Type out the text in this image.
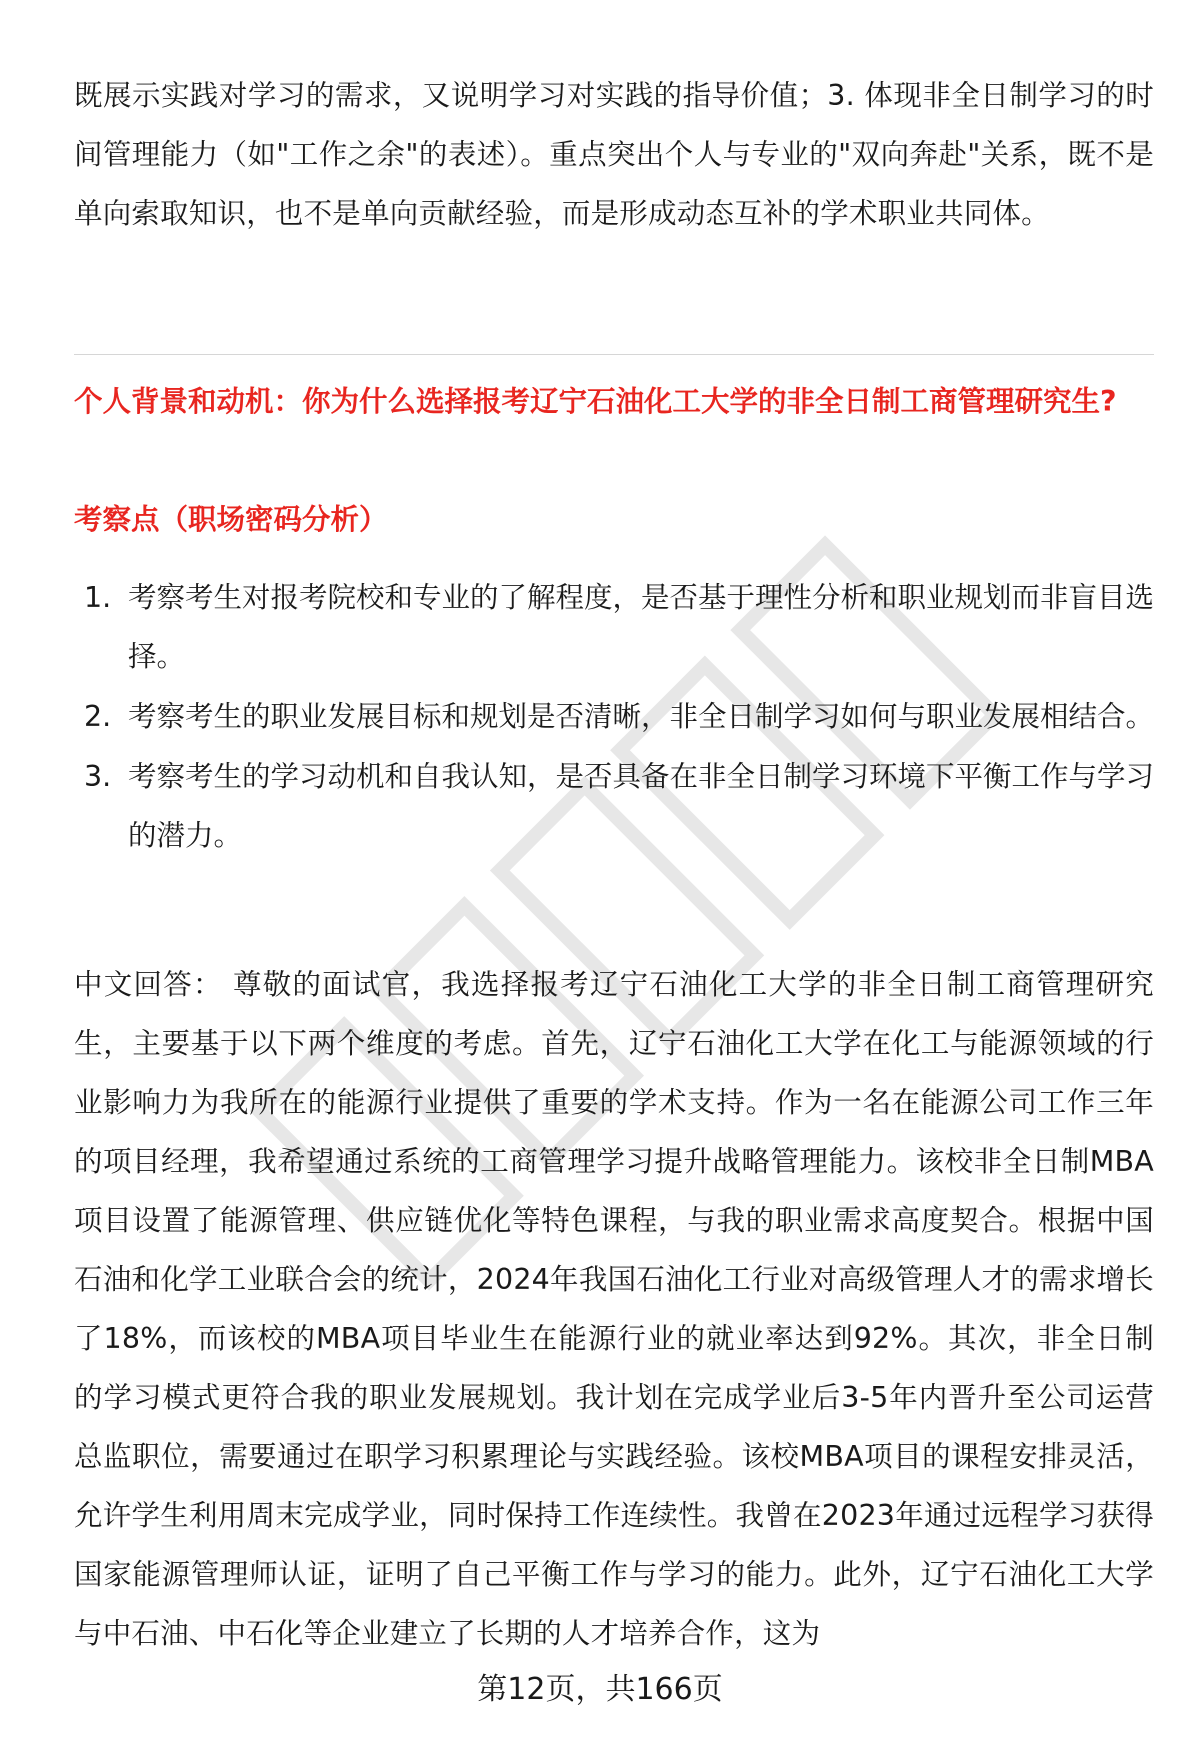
既展示实践对学习的需求，又说明学习对实践的指导价值；3. 体现非全日制学习的时间管理能力（如"工作之余"的表述）。重点突出个人与专业的"双向奔赴"关系，既不是单向索取知识，也不是单向贡献经验，而是形成动态互补的学术职业共同体。

个人背景和动机：你为什么选择报考辽宁石油化工大学的非全日制工商管理研究生?
考察点（职场密码分析）
1. 考察考生对报考院校和专业的了解程度，是否基于理性分析和职业规划而非盲目选择。
2. 考察考生的职业发展目标和规划是否清晰，非全日制学习如何与职业发展相结合。
3. 考察考生的学习动机和自我认知，是否具备在非全日制学习环境下平衡工作与学习的潜力。

中文回答： 尊敬的面试官，我选择报考辽宁石油化工大学的非全日制工商管理研究生，主要基于以下两个维度的考虑。首先，辽宁石油化工大学在化工与能源领域的行业影响力为我所在的能源行业提供了重要的学术支持。作为一名在能源公司工作三年的项目经理，我希望通过系统的工商管理学习提升战略管理能力。该校非全日制MBA项目设置了能源管理、供应链优化等特色课程，与我的职业需求高度契合。根据中国石油和化学工业联合会的统计，2024年我国石油化工行业对高级管理人才的需求增长了18%，而该校的MBA项目毕业生在能源行业的就业率达到92%。其次，非全日制的学习模式更符合我的职业发展规划。我计划在完成学业后3-5年内晋升至公司运营总监职位，需要通过在职学习积累理论与实践经验。该校MBA项目的课程安排灵活，允许学生利用周末完成学业，同时保持工作连续性。我曾在2023年通过远程学习获得国家能源管理师认证，证明了自己平衡工作与学习的能力。此外，辽宁石油化工大学与中石油、中石化等企业建立了长期的人才培养合作，这为

第12页，共166页
